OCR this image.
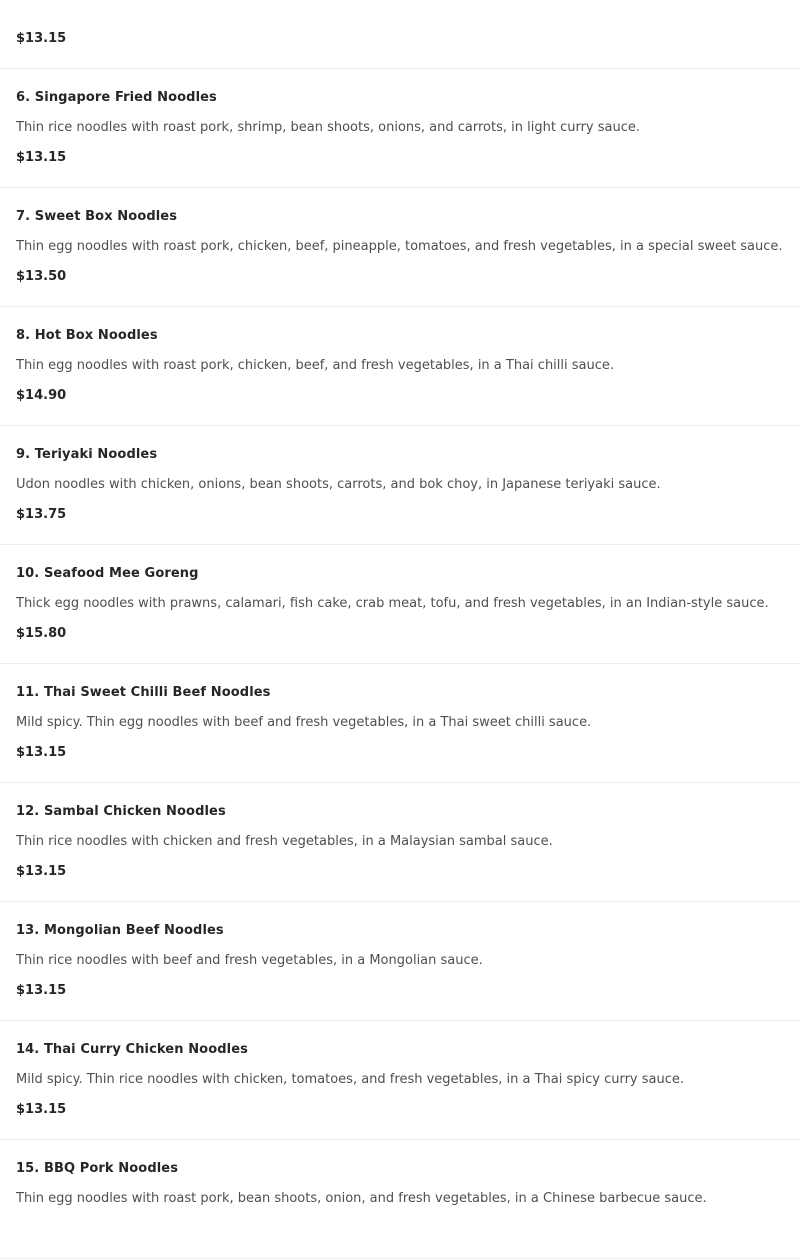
$13.15
6. Singapore Fried Noodles
Thin rice noodles with roast pork, shrimp, bean shoots, onions, and carrots, in light curry sauce.
$13.15
7. Sweet Box Noodles
Thin egg noodles with roast pork, chicken, beef, pineapple, tomatoes, and fresh vegetables, in a special sweet sauce.
$13.50
8. Hot Box Noodles
Thin egg noodles with roast pork, chicken, beef, and fresh vegetables, in a Thai chilli sauce.
$14.90
9. Teriyaki Noodles
Udon noodles with chicken, onions, bean shoots, carrots, and bok choy, in Japanese teriyaki sauce.
$13.75
10. Seafood Mee Goreng
Thick egg noodles with prawns, calamari, fish cake, crab meat, tofu, and fresh vegetables, in an Indian-style sauce.
$15.80
11. Thai Sweet Chilli Beef Noodles
Mild spicy. Thin egg noodles with beef and fresh vegetables, in a Thai sweet chilli sauce.
$13.15
12. Sambal Chicken Noodles
Thin rice noodles with chicken and fresh vegetables, in a Malaysian sambal sauce.
$13.15
13. Mongolian Beef Noodles
Thin rice noodles with beef and fresh vegetables, in a Mongolian sauce.
$13.15
14. Thai Curry Chicken Noodles
Mild spicy. Thin rice noodles with chicken, tomatoes, and fresh vegetables, in a Thai spicy curry sauce.
$13.15
15. BBQ Pork Noodles
Thin egg noodles with roast pork, bean shoots, onion, and fresh vegetables, in a Chinese barbecue sauce.
